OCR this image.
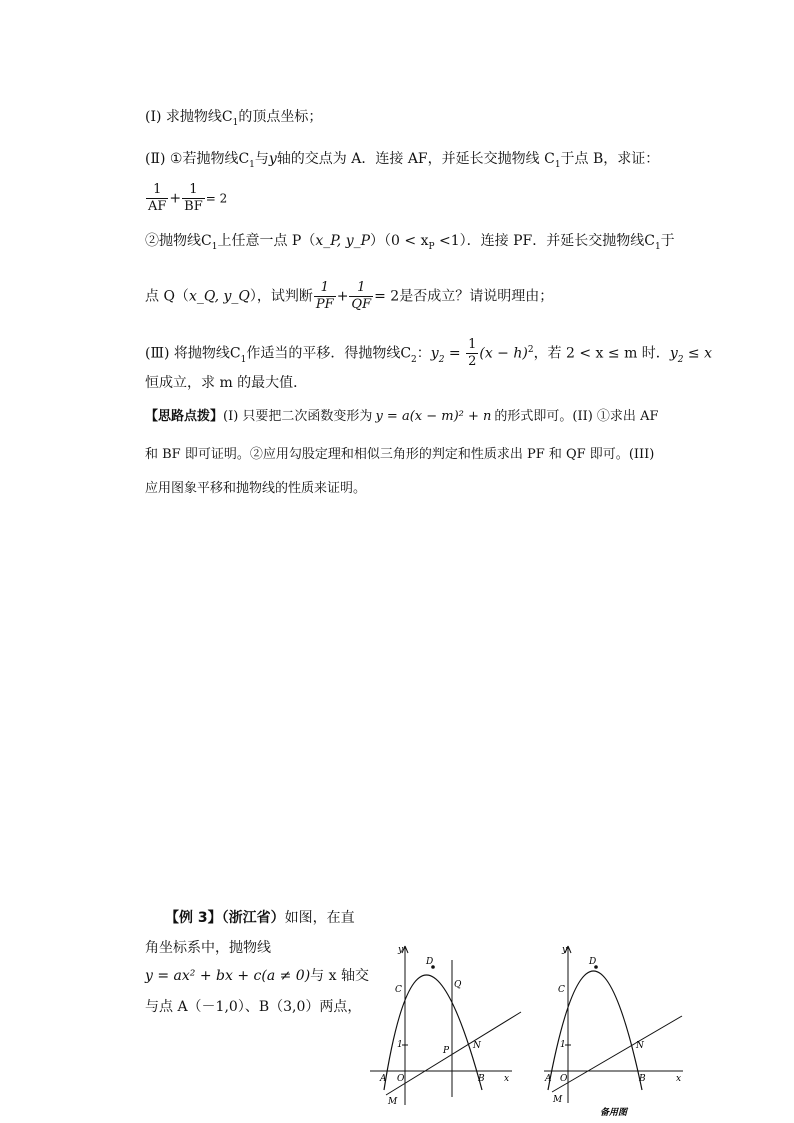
(Ⅰ) 求抛物线$C_1$的顶点坐标；
(Ⅱ) ①若抛物线$C_1$与y轴的交点为 A．连接 AF，并延长交抛物线 $C_1$于点 B，求证：
$\frac{1}{AF} + \frac{1}{BF} = 2$
②抛物线$C_1$上任意一点 P（x_P, y_P）（0 < $x_P <1$）．连接 PF．并延长交抛物线$C_1$于
点 Q（x_Q, y_Q），试判断 $\frac{1}{PF} + \frac{1}{QF} = 2$是否成立？请说明理由；
(Ⅲ) 将抛物线$C_1$作适当的平移．得抛物线$C_2$：$y_2 = \frac{1}{2} (x - h)^2$，若 2 < x ≤ m 时．$y_2 \le x$
恒成立，求 m 的最大值．
【思路点拨】(I) 只要把二次函数变形为 y = a(x − m)² + n 的形式即可。(II) ①求出 AF
和 BF 即可证明。②应用勾股定理和相似三角形的判定和性质求出 PF 和 QF 即可。(III)
应用图象平移和抛物线的性质来证明。
【例 3】（浙江省）如图，在直
角坐标系中，抛物线
y = ax² + bx + c(a ≠ 0)与 x 轴交
与点 A（－1,0）、B（3,0）两点，
y
x
D
C	Q
P	N
A O	B
M
1
y
x
D
C
N
A O	B
M
1
备用图
